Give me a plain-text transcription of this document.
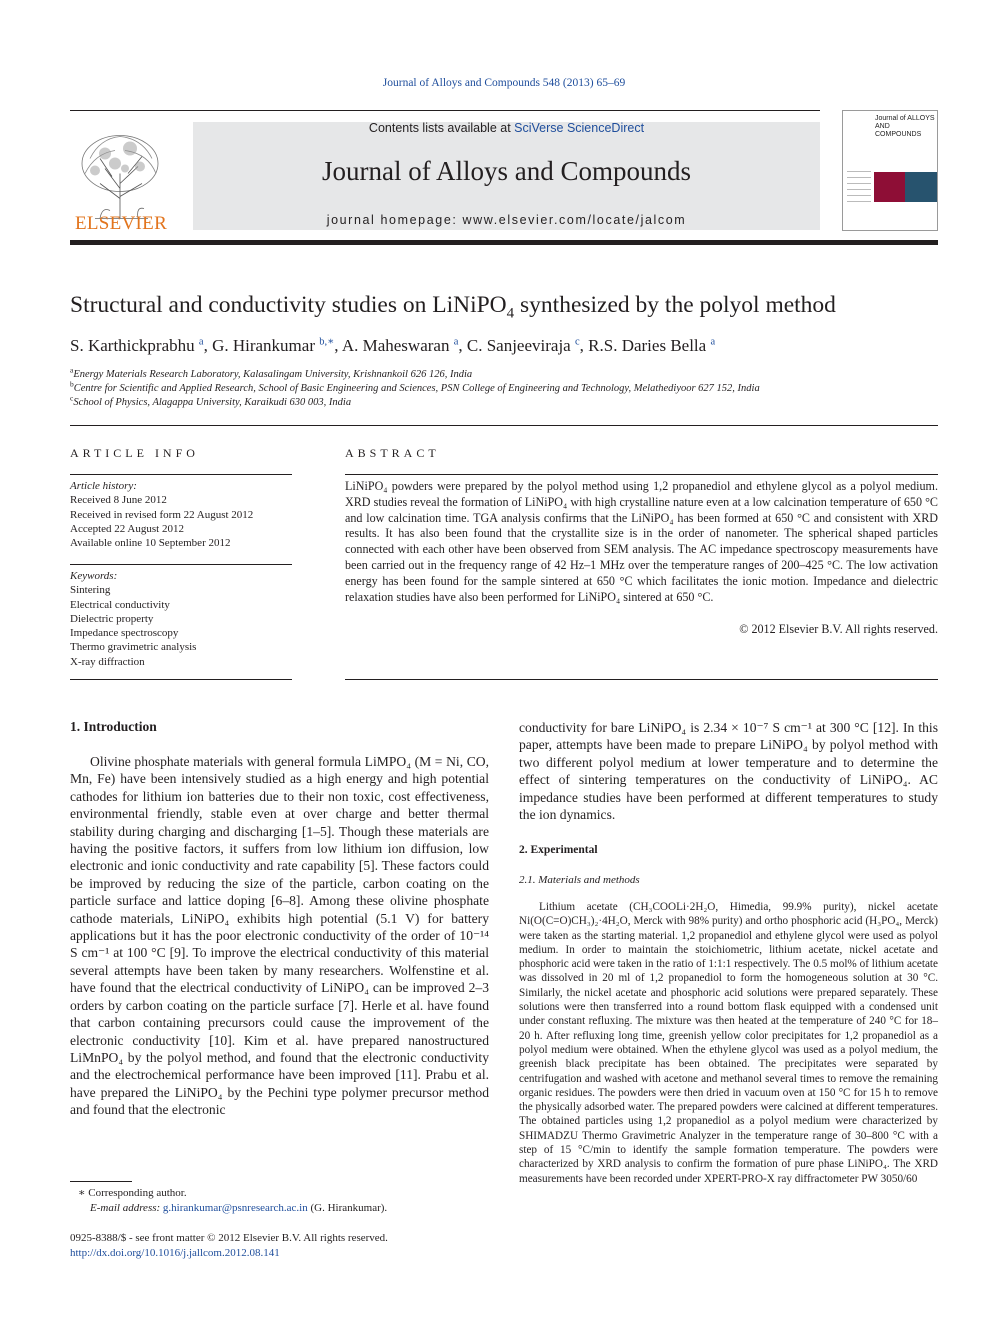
Journal of Alloys and Compounds 548 (2013) 65–69
ELSEVIER
Contents lists available at SciVerse ScienceDirect
Journal of Alloys and Compounds
journal homepage: www.elsevier.com/locate/jalcom
Journal of ALLOYS AND COMPOUNDS
Structural and conductivity studies on LiNiPO$_4$ synthesized by the polyol method
S. Karthickprabhu $^a$, G. Hirankumar $^{b,∗}$, A. Maheswaran $^a$, C. Sanjeeviraja $^c$, R.S. Daries Bella $^a$
$^a$Energy Materials Research Laboratory, Kalasalingam University, Krishnankoil 626 126, India
$^b$Centre for Scientific and Applied Research, School of Basic Engineering and Sciences, PSN College of Engineering and Technology, Melathediyoor 627 152, India
$^c$School of Physics, Alagappa University, Karaikudi 630 003, India
ARTICLE INFO	ABSTRACT
Article history:
Received 8 June 2012
Received in revised form 22 August 2012
Accepted 22 August 2012
Available online 10 September 2012
Keywords:
Sintering
Electrical conductivity
Dielectric property
Impedance spectroscopy
Thermo gravimetric analysis
X-ray diffraction
LiNiPO₄ powders were prepared by the polyol method using 1,2 propanediol and ethylene glycol as a polyol medium. XRD studies reveal the formation of LiNiPO₄ with high crystalline nature even at a low calcination temperature of 650 °C and low calcination time. TGA analysis confirms that the LiNiPO₄ has been formed at 650 °C and consistent with XRD results. It has also been found that the crystallite size is in the order of nanometer. The spherical shaped particles connected with each other have been observed from SEM analysis. The AC impedance spectroscopy measurements have been carried out in the frequency range of 42 Hz–1 MHz over the temperature ranges of 200–425 °C. The low activation energy has been found for the sample sintered at 650 °C which facilitates the ionic motion. Impedance and dielectric relaxation studies have also been performed for LiNiPO₄ sintered at 650 °C.
© 2012 Elsevier B.V. All rights reserved.
1. Introduction

Olivine phosphate materials with general formula LiMPO₄ (M = Ni, CO, Mn, Fe) have been intensively studied as a high energy and high potential cathodes for lithium ion batteries due to their non toxic, cost effectiveness, environmental friendly, stable even at over charge and better thermal stability during charging and discharging [1–5]. Though these materials are having the positive factors, it suffers from low lithium ion diffusion, low electronic and ionic conductivity and rate capability [5]. These factors could be improved by reducing the size of the particle, carbon coating on the particle surface and lattice doping [6–8]. Among these olivine phosphate cathode materials, LiNiPO₄ exhibits high potential (5.1 V) for battery applications but it has the poor electronic conductivity of the order of 10⁻¹⁴ S cm⁻¹ at 100 °C [9]. To improve the electrical conductivity of this material several attempts have been taken by many researchers. Wolfenstine et al. have found that the electrical conductivity of LiNiPO₄ can be improved 2–3 orders by carbon coating on the particle surface [7]. Herle et al. have found that carbon containing precursors could cause the improvement of the electronic conductivity [10]. Kim et al. have prepared nanostructured LiMnPO₄ by the polyol method, and found that the electronic conductivity and the electrochemical performance have been improved [11]. Prabu et al. have prepared the LiNiPO₄ by the Pechini type polymer precursor method and found that the electronic

conductivity for bare LiNiPO₄ is 2.34 × 10⁻⁷ S cm⁻¹ at 300 °C [12]. In this paper, attempts have been made to prepare LiNiPO₄ by polyol method with two different polyol medium at lower temperature and to determine the effect of sintering temperatures on the conductivity of LiNiPO₄. AC impedance studies have been performed at different temperatures to study the ion dynamics.
2. Experimental
2.1. Materials and methods

Lithium acetate (CH₃COOLi·2H₂O, Himedia, 99.9% purity), nickel acetate Ni(O(C=O)CH₃)₂·4H₂O, Merck with 98% purity) and ortho phosphoric acid (H₃PO₄, Merck) were taken as the starting material. 1,2 propanediol and ethylene glycol were used as polyol medium. In order to maintain the stoichiometric, lithium acetate, nickel acetate and phosphoric acid were taken in the ratio of 1:1:1 respectively. The 0.5 mol% of lithium acetate was dissolved in 20 ml of 1,2 propanediol to form the homogeneous solution at 30 °C. Similarly, the nickel acetate and phosphoric acid solutions were prepared separately. These solutions were then transferred into a round bottom flask equipped with a condensed unit under constant refluxing. The mixture was then heated at the temperature of 240 °C for 18–20 h. After refluxing long time, greenish yellow color precipitates for 1,2 propanediol as a polyol medium were obtained. When the ethylene glycol was used as a polyol medium, the greenish black precipitate has been obtained. The precipitates were separated by centrifugation and washed with acetone and methanol several times to remove the remaining organic residues. The powders were then dried in vacuum oven at 150 °C for 15 h to remove the physically adsorbed water. The prepared powders were calcined at different temperatures. The obtained particles using 1,2 propanediol as a polyol medium were characterized by SHIMADZU Thermo Gravimetric Analyzer in the temperature range of 30–800 °C with a step of 15 °C/min to identify the sample formation temperature. The powders were characterized by XRD analysis to confirm the formation of pure phase LiNiPO₄. The XRD measurements have been recorded under XPERT-PRO-X ray diffractometer PW 3050/60

∗ Corresponding author.
E-mail address: g.hirankumar@psnresearch.ac.in (G. Hirankumar).
0925-8388/$ - see front matter © 2012 Elsevier B.V. All rights reserved.
http://dx.doi.org/10.1016/j.jallcom.2012.08.141
